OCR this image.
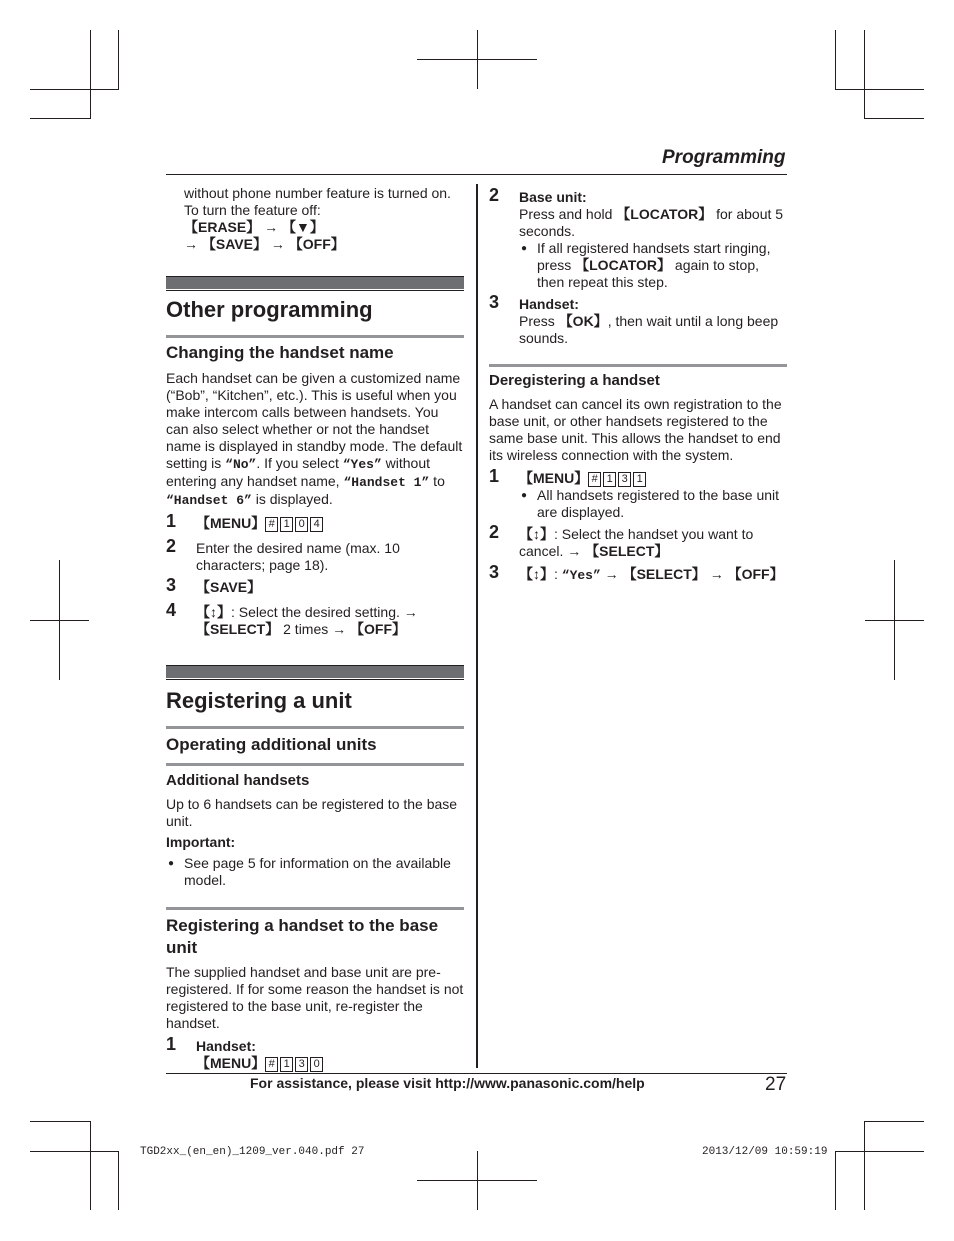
Programming

without phone number feature is turned on.

To turn the feature off: 【ERASE】 → 【▼】

→ 【SAVE】 → 【OFF】

Other programming
Changing the handset name

Each handset can be given a customized name (“Bob”, “Kitchen”, etc.). This is useful when you make intercom calls between handsets. You can also select whether or not the handset name is displayed in standby mode. The default setting is “No”. If you select “Yes” without entering any handset name, “Handset 1” to “Handset 6” is displayed.

1 【MENU】 # 1 0 4
2 Enter the desired name (max. 10 characters; page 18).
3 【SAVE】
4 【↕】: Select the desired setting. →
【SELECT】 2 times → 【OFF】
Registering a unit
Operating additional units
Additional handsets

Up to 6 handsets can be registered to the base unit.

Important:

● See page 5 for information on the available model.

Registering a handset to the base unit

The supplied handset and base unit are pre-registered. If for some reason the handset is not registered to the base unit, re-register the handset.

1 Handset:
【MENU】 # 1 3 0
2 Base unit:
Press and hold 【LOCATOR】 for about 5 seconds.

● If all registered handsets start ringing, press 【LOCATOR】 again to stop, then repeat this step.

3 Handset:
Press 【OK】, then wait until a long beep sounds.
Deregistering a handset

A handset can cancel its own registration to the base unit, or other handsets registered to the same base unit. This allows the handset to end its wireless connection with the system.

1 【MENU】 # 1 3 1

● All handsets registered to the base unit are displayed.

2 【↕】: Select the handset you want to cancel. → 【SELECT】
3 【↕】: “Yes” → 【SELECT】 → 【OFF】
For assistance, please visit http://www.panasonic.com/help	27
TGD2xx_(en_en)_1209_ver.040.pdf 27	2013/12/09 10:59:19
